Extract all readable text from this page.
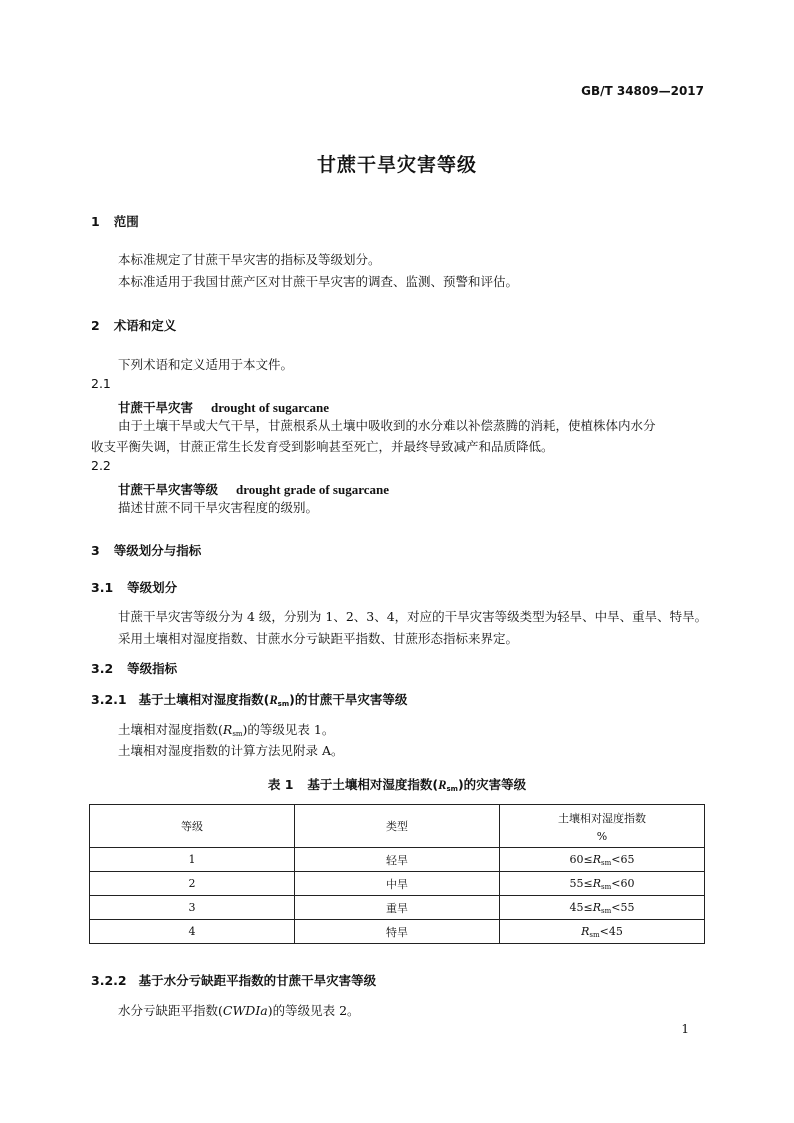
GB/T 34809—2017
甘蔗干旱灾害等级
1 范围
本标准规定了甘蔗干旱灾害的指标及等级划分。
本标准适用于我国甘蔗产区对甘蔗干旱灾害的调查、监测、预警和评估。
2 术语和定义
下列术语和定义适用于本文件。
2.1
甘蔗干旱灾害 drought of sugarcane
由于土壤干旱或大气干旱，甘蔗根系从土壤中吸收到的水分难以补偿蒸腾的消耗，使植株体内水分
收支平衡失调，甘蔗正常生长发育受到影响甚至死亡，并最终导致减产和品质降低。
2.2
甘蔗干旱灾害等级 drought grade of sugarcane
描述甘蔗不同干旱灾害程度的级别。
3 等级划分与指标
3.1 等级划分
甘蔗干旱灾害等级分为 4 级，分别为 1、2、3、4，对应的干旱灾害等级类型为轻旱、中旱、重旱、特旱。
采用土壤相对湿度指数、甘蔗水分亏缺距平指数、甘蔗形态指标来界定。
3.2 等级指标
3.2.1 基于土壤相对湿度指数$(R_{sm})$的甘蔗干旱灾害等级
土壤相对湿度指数$(R_{sm})$的等级见表 1。
土壤相对湿度指数的计算方法见附录 A。
表 1 基于土壤相对湿度指数$(R_{sm})$的灾害等级
等级	类型	土壤相对湿度指数
%

1	轻旱	$60\le R_{sm}<65$
2	中旱	$55\le R_{sm}<60$
3	重旱	$45\le R_{sm}<55$
4	特旱	$R_{sm}<45$
3.2.2 基于水分亏缺距平指数的甘蔗干旱灾害等级
水分亏缺距平指数(CWDIa)的等级见表 2。
1
